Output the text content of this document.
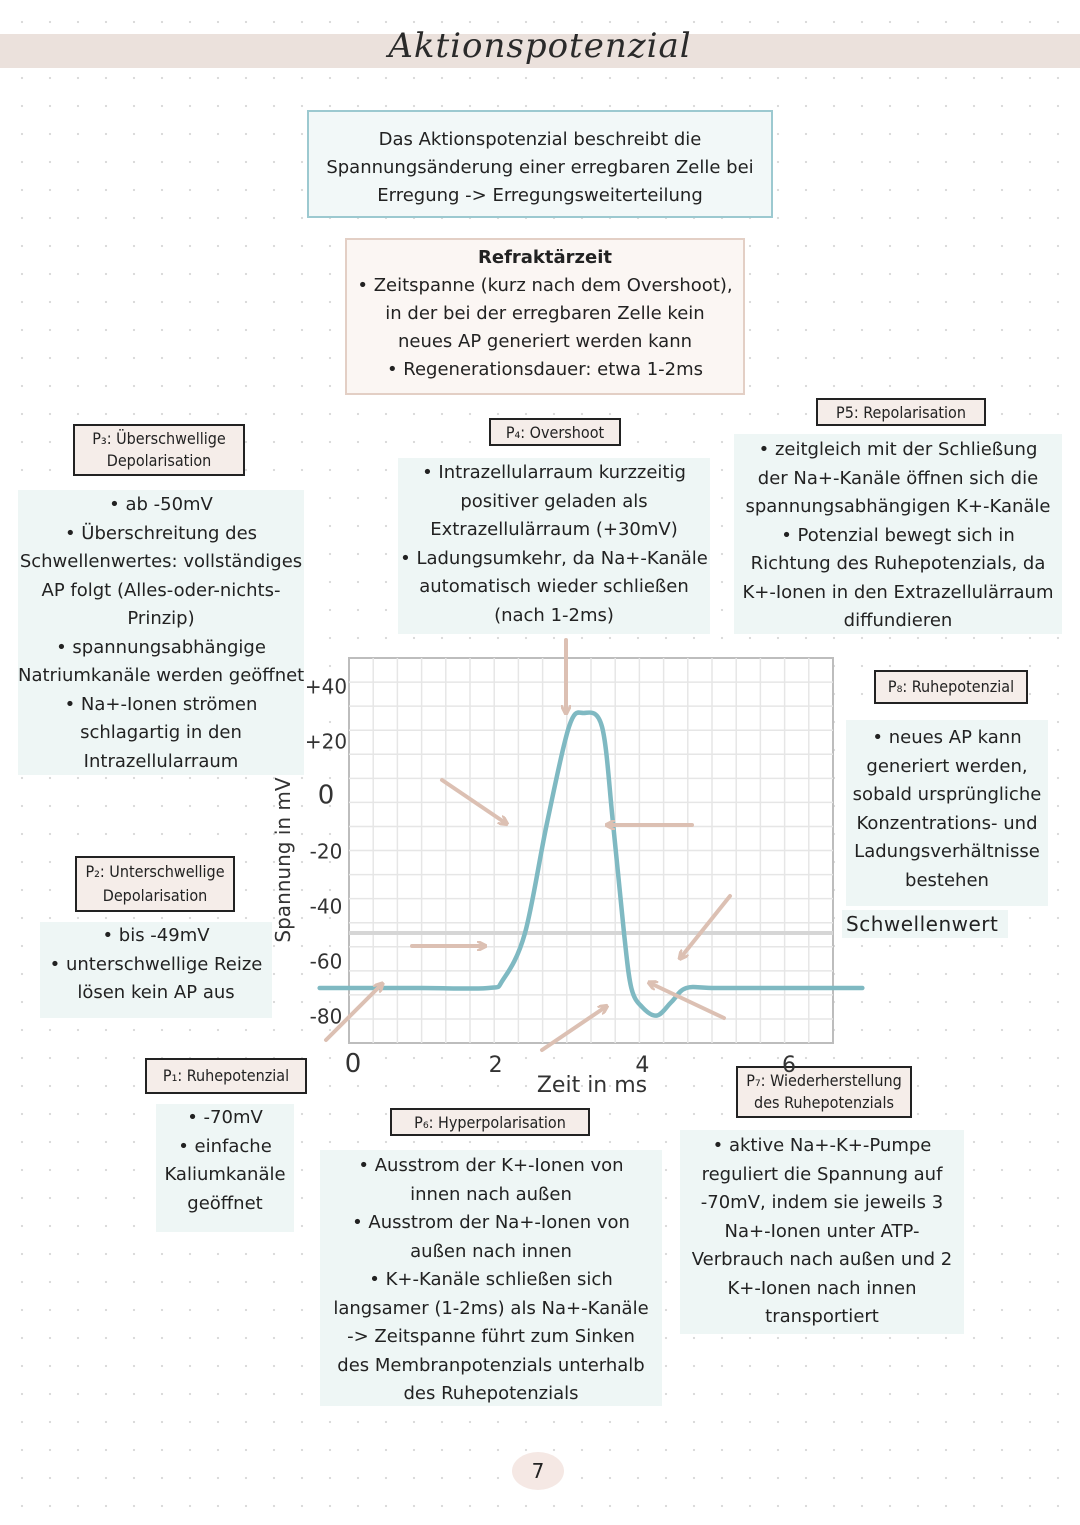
Aktionspotenzial
Das Aktionspotenzial beschreibt die
Spannungsänderung einer erregbaren Zelle bei
Erregung -> Erregungsweiterteilung
Refraktärzeit
• Zeitspanne (kurz nach dem Overshoot),
in der bei der erregbaren Zelle kein
neues AP generiert werden kann
• Regenerationsdauer: etwa 1-2ms
P₃: Überschwellige
Depolarisation
• ab -50mV
• Überschreitung des
Schwellenwertes: vollständiges
AP folgt (Alles-oder-nichts-
Prinzip)
• spannungsabhängige
Natriumkanäle werden geöffnet
• Na+-Ionen strömen
schlagartig in den
Intrazellularraum
P₄: Overshoot
• Intrazellularraum kurzzeitig
positiver geladen als
Extrazellulärraum (+30mV)
• Ladungsumkehr, da Na+-Kanäle
automatisch wieder schließen
(nach 1-2ms)
P5: Repolarisation
• zeitgleich mit der Schließung
der Na+-Kanäle öffnen sich die
spannungsabhängigen K+-Kanäle
• Potenzial bewegt sich in
Richtung des Ruhepotenzials, da
K+-Ionen in den Extrazellulärraum
diffundieren
P₈: Ruhepotenzial
• neues AP kann
generiert werden,
sobald ursprüngliche
Konzentrations- und
Ladungsverhältnisse
bestehen
Schwellenwert
P₂: Unterschwellige
Depolarisation
• bis -49mV
• unterschwellige Reize
lösen kein AP aus
P₁: Ruhepotenzial
• -70mV
• einfache
Kaliumkanäle
geöffnet
P₆: Hyperpolarisation
• Ausstrom der K+-Ionen von
innen nach außen
• Ausstrom der Na+-Ionen von
außen nach innen
• K+-Kanäle schließen sich
langsamer (1-2ms) als Na+-Kanäle
-> Zeitspanne führt zum Sinken
des Membranpotenzials unterhalb
des Ruhepotenzials
P₇: Wiederherstellung
des Ruhepotenzials
• aktive Na+-K+-Pumpe
reguliert die Spannung auf
-70mV, indem sie jeweils 3
Na+-Ionen unter ATP-
Verbrauch nach außen und 2
K+-Ionen nach innen
transportiert
+40
+20
0
-20
-40
-60
-80
0	2	4	6
Zeit in ms
Spannung in mV
7
